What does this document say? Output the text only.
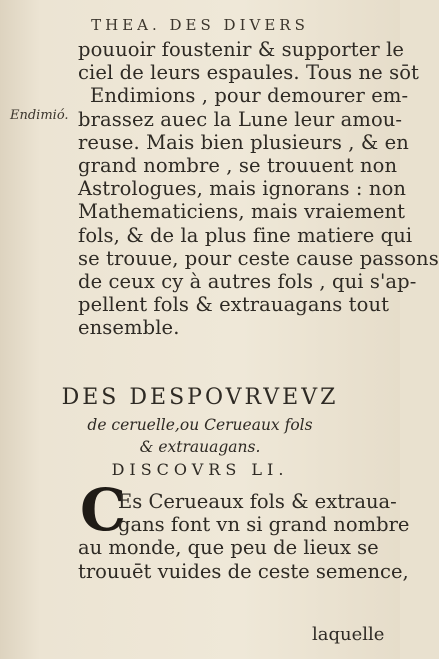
THEA. DES DIVERS
Endimió.
pouuoir foustenir & supporter le
ciel de leurs espaules. Tous ne sōt
Endimions , pour demourer em-
brassez auec la Lune leur amou-
reuse. Mais bien plusieurs , & en
grand nombre , se trouuent non
Astrologues, mais ignorans : non
Mathematiciens, mais vraiement
fols, & de la plus fine matiere qui
se trouue, pour ceste cause passons
de ceux cy à autres fols , qui s'ap-
pellent fols & extrauagans tout
ensemble.
DES DESPOVRVEVZ
de ceruelle,ou Cerueaux fols
& extrauagans.
DISCOVRS LI.
C
Es Cerueaux fols & extraua-
gans font vn si grand nombre
au monde, que peu de lieux se
trouuēt vuides de ceste semence,
laquelle
